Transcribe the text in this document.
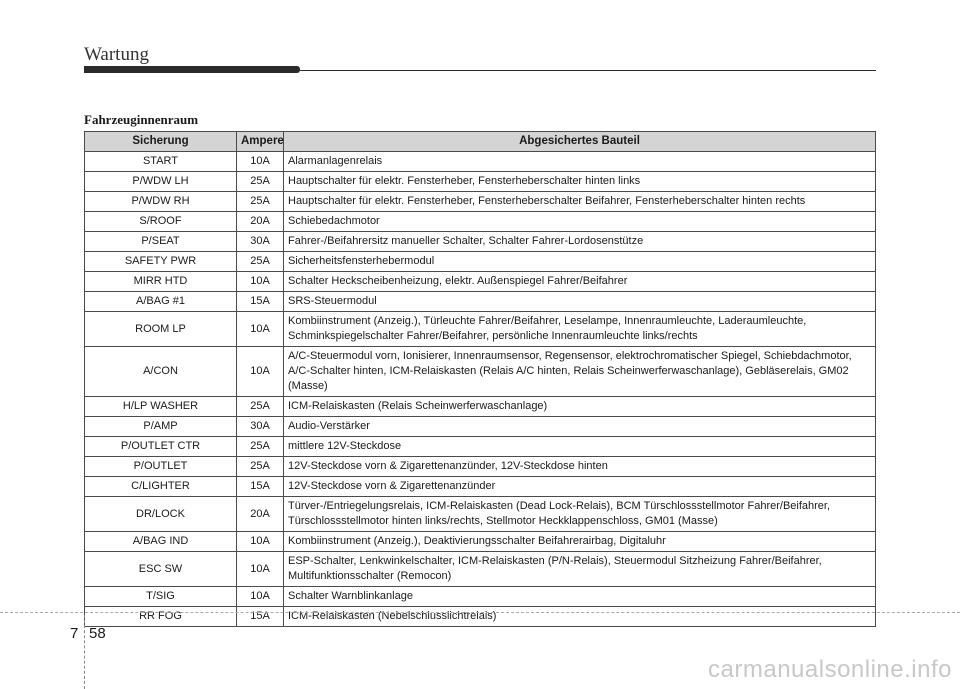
Wartung
Fahrzeuginnenraum
Sicherung	Ampere	Abgesichertes Bauteil
START	10A	Alarmanlagenrelais
P/WDW LH	25A	Hauptschalter für elektr. Fensterheber, Fensterheberschalter hinten links
P/WDW RH	25A	Hauptschalter für elektr. Fensterheber, Fensterheberschalter Beifahrer, Fensterheberschalter hinten rechts
S/ROOF	20A	Schiebedachmotor
P/SEAT	30A	Fahrer-/Beifahrersitz manueller Schalter, Schalter Fahrer-Lordosenstütze
SAFETY PWR	25A	Sicherheitsfensterhebermodul
MIRR HTD	10A	Schalter Heckscheibenheizung, elektr. Außenspiegel Fahrer/Beifahrer
A/BAG #1	15A	SRS-Steuermodul
ROOM LP	10A	Kombiinstrument (Anzeig.), Türleuchte Fahrer/Beifahrer, Leselampe, Innenraumleuchte, Laderaumleuchte, Schminkspiegelschalter Fahrer/Beifahrer, persönliche Innenraumleuchte links/rechts
A/CON	10A	A/C-Steuermodul vorn, Ionisierer, Innenraumsensor, Regensensor, elektrochromatischer Spiegel, Schiebdachmotor, A/C-Schalter hinten, ICM-Relaiskasten (Relais A/C hinten, Relais Scheinwerferwaschanlage), Gebläserelais, GM02 (Masse)
H/LP WASHER	25A	ICM-Relaiskasten (Relais Scheinwerferwaschanlage)
P/AMP	30A	Audio-Verstärker
P/OUTLET CTR	25A	mittlere 12V-Steckdose
P/OUTLET	25A	12V-Steckdose vorn & Zigarettenanzünder, 12V-Steckdose hinten
C/LIGHTER	15A	12V-Steckdose vorn & Zigarettenanzünder
DR/LOCK	20A	Türver-/Entriegelungsrelais, ICM-Relaiskasten (Dead Lock-Relais), BCM Türschlossstellmotor Fahrer/Beifahrer, Türschlossstellmotor hinten links/rechts, Stellmotor Heckklappenschloss, GM01 (Masse)
A/BAG IND	10A	Kombiinstrument (Anzeig.), Deaktivierungsschalter Beifahrerairbag, Digitaluhr
ESC SW	10A	ESP-Schalter, Lenkwinkelschalter, ICM-Relaiskasten (P/N-Relais), Steuermodul Sitzheizung Fahrer/Beifahrer, Multifunktionsschalter (Remocon)
T/SIG	10A	Schalter Warnblinkanlage
RR FOG	15A	ICM-Relaiskasten (Nebelschlusslichtrelais)
7 58
carmanualsonline.info
